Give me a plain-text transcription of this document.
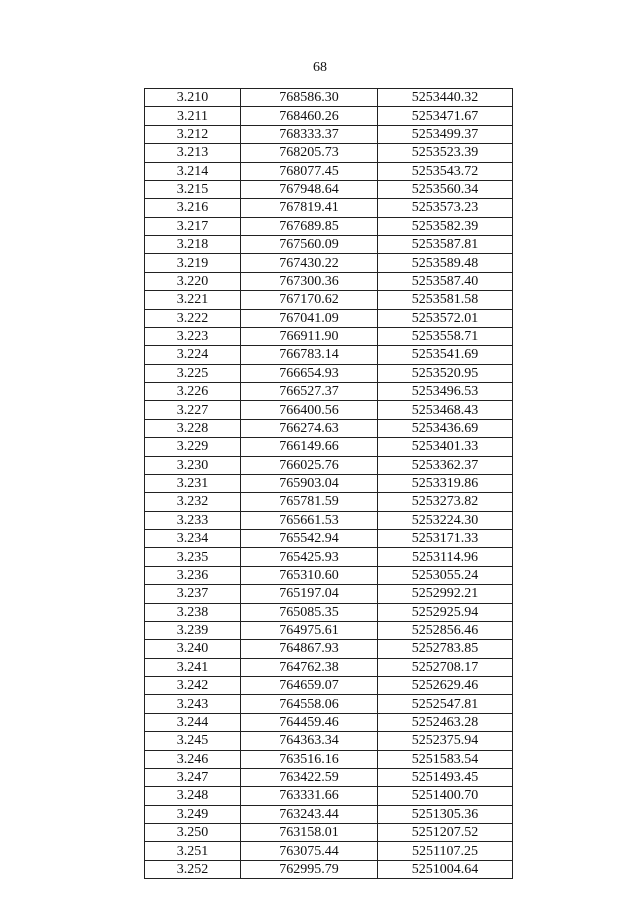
68
3.210	768586.30	5253440.32
3.211	768460.26	5253471.67
3.212	768333.37	5253499.37
3.213	768205.73	5253523.39
3.214	768077.45	5253543.72
3.215	767948.64	5253560.34
3.216	767819.41	5253573.23
3.217	767689.85	5253582.39
3.218	767560.09	5253587.81
3.219	767430.22	5253589.48
3.220	767300.36	5253587.40
3.221	767170.62	5253581.58
3.222	767041.09	5253572.01
3.223	766911.90	5253558.71
3.224	766783.14	5253541.69
3.225	766654.93	5253520.95
3.226	766527.37	5253496.53
3.227	766400.56	5253468.43
3.228	766274.63	5253436.69
3.229	766149.66	5253401.33
3.230	766025.76	5253362.37
3.231	765903.04	5253319.86
3.232	765781.59	5253273.82
3.233	765661.53	5253224.30
3.234	765542.94	5253171.33
3.235	765425.93	5253114.96
3.236	765310.60	5253055.24
3.237	765197.04	5252992.21
3.238	765085.35	5252925.94
3.239	764975.61	5252856.46
3.240	764867.93	5252783.85
3.241	764762.38	5252708.17
3.242	764659.07	5252629.46
3.243	764558.06	5252547.81
3.244	764459.46	5252463.28
3.245	764363.34	5252375.94
3.246	763516.16	5251583.54
3.247	763422.59	5251493.45
3.248	763331.66	5251400.70
3.249	763243.44	5251305.36
3.250	763158.01	5251207.52
3.251	763075.44	5251107.25
3.252	762995.79	5251004.64
